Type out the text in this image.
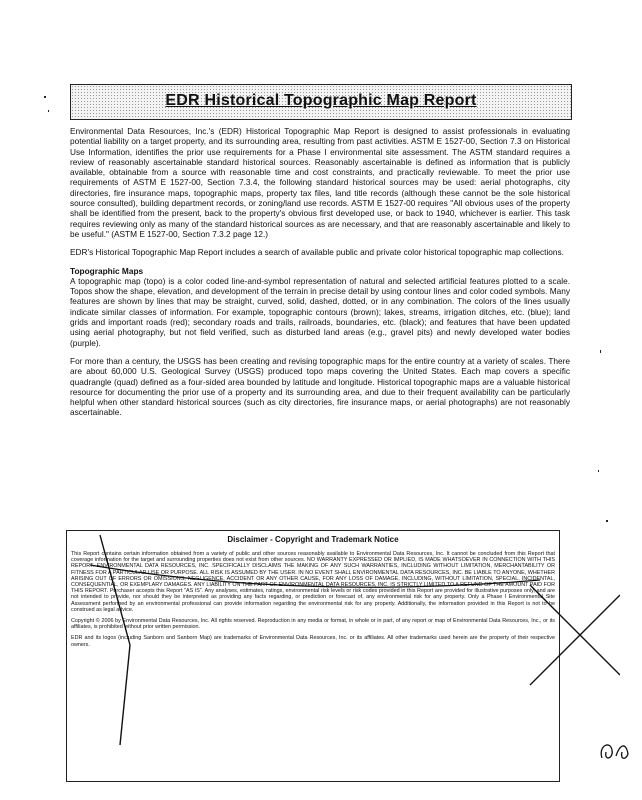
EDR Historical Topographic Map Report

Environmental Data Resources, Inc.'s (EDR) Historical Topographic Map Report is designed to assist professionals in evaluating potential liability on a target property, and its surrounding area, resulting from past activities. ASTM E 1527-00, Section 7.3 on Historical Use Information, identifies the prior use requirements for a Phase I environmental site assessment. The ASTM standard requires a review of reasonably ascertainable standard historical sources. Reasonably ascertainable is defined as information that is publicly available, obtainable from a source with reasonable time and cost constraints, and practically reviewable. To meet the prior use requirements of ASTM E 1527-00, Section 7.3.4, the following standard historical sources may be used: aerial photographs, city directories, fire insurance maps, topographic maps, property tax files, land title records (although these cannot be the sole historical source consulted), building department records, or zoning/land use records. ASTM E 1527-00 requires "All obvious uses of the property shall be identified from the present, back to the property's obvious first developed use, or back to 1940, whichever is earlier. This task requires reviewing only as many of the standard historical sources as are necessary, and that are reasonably ascertainable and likely to be useful." (ASTM E 1527-00, Section 7.3.2 page 12.)

EDR's Historical Topographic Map Report includes a search of available public and private color historical topographic map collections.

Topographic Maps

A topographic map (topo) is a color coded line-and-symbol representation of natural and selected artificial features plotted to a scale. Topos show the shape, elevation, and development of the terrain in precise detail by using contour lines and color coded symbols. Many features are shown by lines that may be straight, curved, solid, dashed, dotted, or in any combination. The colors of the lines usually indicate similar classes of information. For example, topographic contours (brown); lakes, streams, irrigation ditches, etc. (blue); land grids and important roads (red); secondary roads and trails, railroads, boundaries, etc. (black); and features that have been updated using aerial photography, but not field verified, such as disturbed land areas (e.g., gravel pits) and newly developed water bodies (purple).

For more than a century, the USGS has been creating and revising topographic maps for the entire country at a variety of scales. There are about 60,000 U.S. Geological Survey (USGS) produced topo maps covering the United States. Each map covers a specific quadrangle (quad) defined as a four-sided area bounded by latitude and longitude. Historical topographic maps are a valuable historical resource for documenting the prior use of a property and its surrounding area, and due to their frequent availability can be particularly helpful when other standard historical sources (such as city directories, fire insurance maps, or aerial photographs) are not reasonably ascertainable.

Disclaimer - Copyright and Trademark Notice

This Report contains certain information obtained from a variety of public and other sources reasonably available to Environmental Data Resources, Inc. It cannot be concluded from this Report that coverage information for the target and surrounding properties does not exist from other sources. NO WARRANTY EXPRESSED OR IMPLIED, IS MADE WHATSOEVER IN CONNECTION WITH THIS REPORT. ENVIRONMENTAL DATA RESOURCES, INC. SPECIFICALLY DISCLAIMS THE MAKING OF ANY SUCH WARRANTIES, INCLUDING WITHOUT LIMITATION, MERCHANTABILITY OR FITNESS FOR A PARTICULAR USE OR PURPOSE. ALL RISK IS ASSUMED BY THE USER. IN NO EVENT SHALL ENVIRONMENTAL DATA RESOURCES, INC. BE LIABLE TO ANYONE, WHETHER ARISING OUT OF ERRORS OR OMISSIONS, NEGLIGENCE, ACCIDENT OR ANY OTHER CAUSE, FOR ANY LOSS OF DAMAGE, INCLUDING, WITHOUT LIMITATION, SPECIAL, INCIDENTAL, CONSEQUENTIAL, OR EXEMPLARY DAMAGES. ANY LIABILITY ON THE PART OF ENVIRONMENTAL DATA RESOURCES, INC. IS STRICTLY LIMITED TO A REFUND OF THE AMOUNT PAID FOR THIS REPORT. Purchaser accepts this Report "AS IS". Any analyses, estimates, ratings, environmental risk levels or risk codes provided in this Report are provided for illustrative purposes only, and are not intended to provide, nor should they be interpreted as providing any facts regarding, or prediction or forecast of, any environmental risk for any property. Only a Phase I Environmental Site Assessment performed by an environmental professional can provide information regarding the environmental risk for any property. Additionally, the information provided in this Report is not to be construed as legal advice.

Copyright © 2006 by Environmental Data Resources, Inc. All rights reserved. Reproduction in any media or format, in whole or in part, of any report or map of Environmental Data Resources, Inc., or its affiliates, is prohibited without prior written permission.

EDR and its logos (including Sanborn and Sanborn Map) are trademarks of Environmental Data Resources, Inc. or its affiliates. All other trademarks used herein are the property of their respective owners.
